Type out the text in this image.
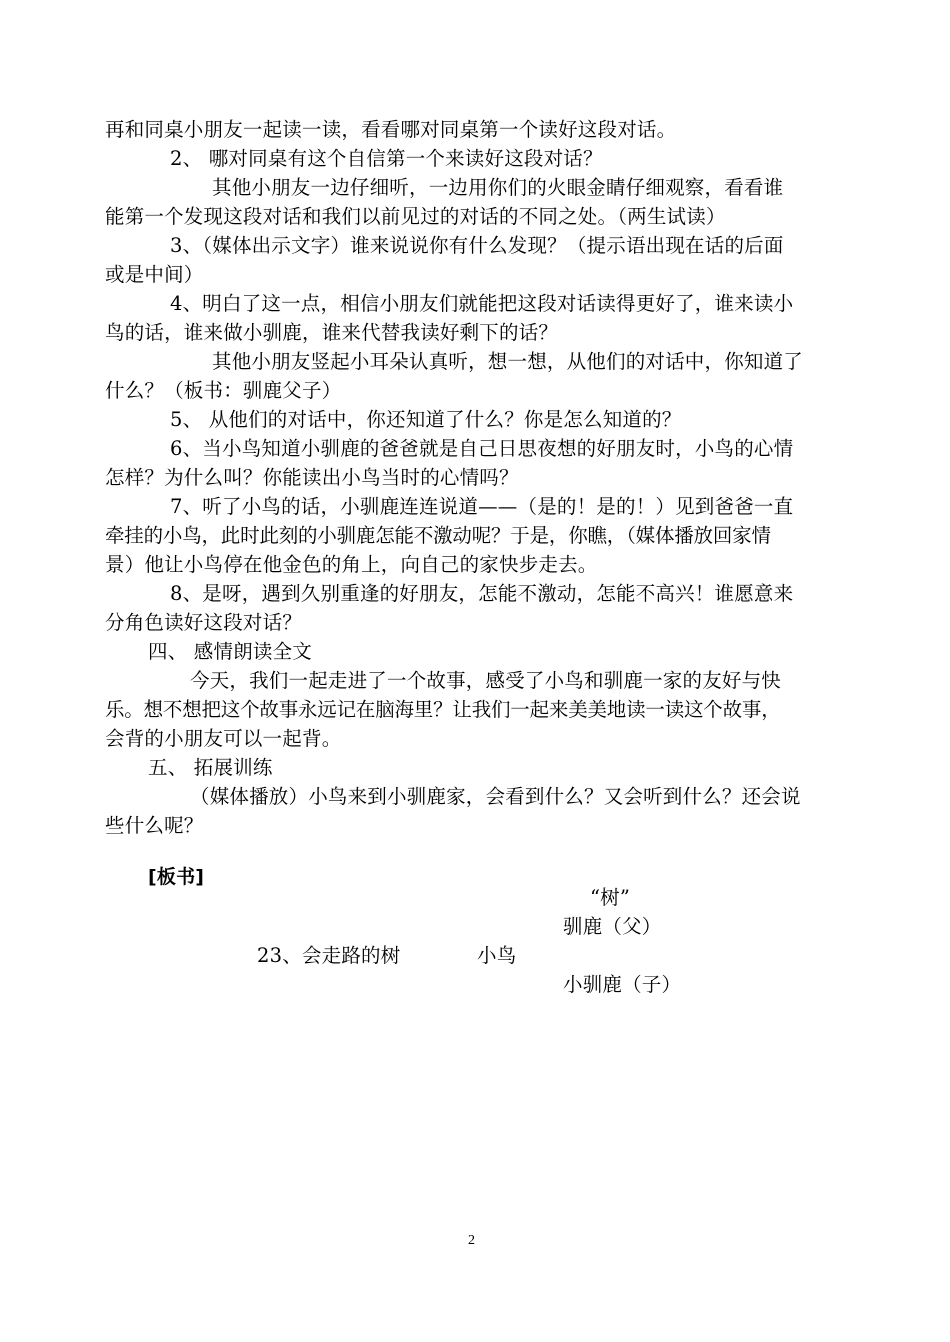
再和同桌小朋友一起读一读，看看哪对同桌第一个读好这段对话。
2、 哪对同桌有这个自信第一个来读好这段对话？
其他小朋友一边仔细听，一边用你们的火眼金睛仔细观察，看看谁
能第一个发现这段对话和我们以前见过的对话的不同之处。（两生试读）
3、（媒体出示文字）谁来说说你有什么发现？（提示语出现在话的后面
或是中间）
4、明白了这一点，相信小朋友们就能把这段对话读得更好了，谁来读小
鸟的话，谁来做小驯鹿，谁来代替我读好剩下的话？
其他小朋友竖起小耳朵认真听，想一想，从他们的对话中，你知道了
什么？（板书：驯鹿父子）
5、 从他们的对话中，你还知道了什么？你是怎么知道的？
6、当小鸟知道小驯鹿的爸爸就是自己日思夜想的好朋友时，小鸟的心情
怎样？为什么叫？你能读出小鸟当时的心情吗？
7、听了小鸟的话，小驯鹿连连说道——（是的！是的！）见到爸爸一直
牵挂的小鸟，此时此刻的小驯鹿怎能不激动呢？于是，你瞧，（媒体播放回家情
景）他让小鸟停在他金色的角上，向自己的家快步走去。
8、是呀，遇到久别重逢的好朋友，怎能不激动，怎能不高兴！谁愿意来
分角色读好这段对话？
四、 感情朗读全文
今天，我们一起走进了一个故事，感受了小鸟和驯鹿一家的友好与快
乐。想不想把这个故事永远记在脑海里？让我们一起来美美地读一读这个故事，
会背的小朋友可以一起背。
五、 拓展训练
（媒体播放）小鸟来到小驯鹿家，会看到什么？又会听到什么？还会说
些什么呢？
[板书]
“树”
驯鹿（父）
23、会走路的树	小鸟
小驯鹿（子）
2
